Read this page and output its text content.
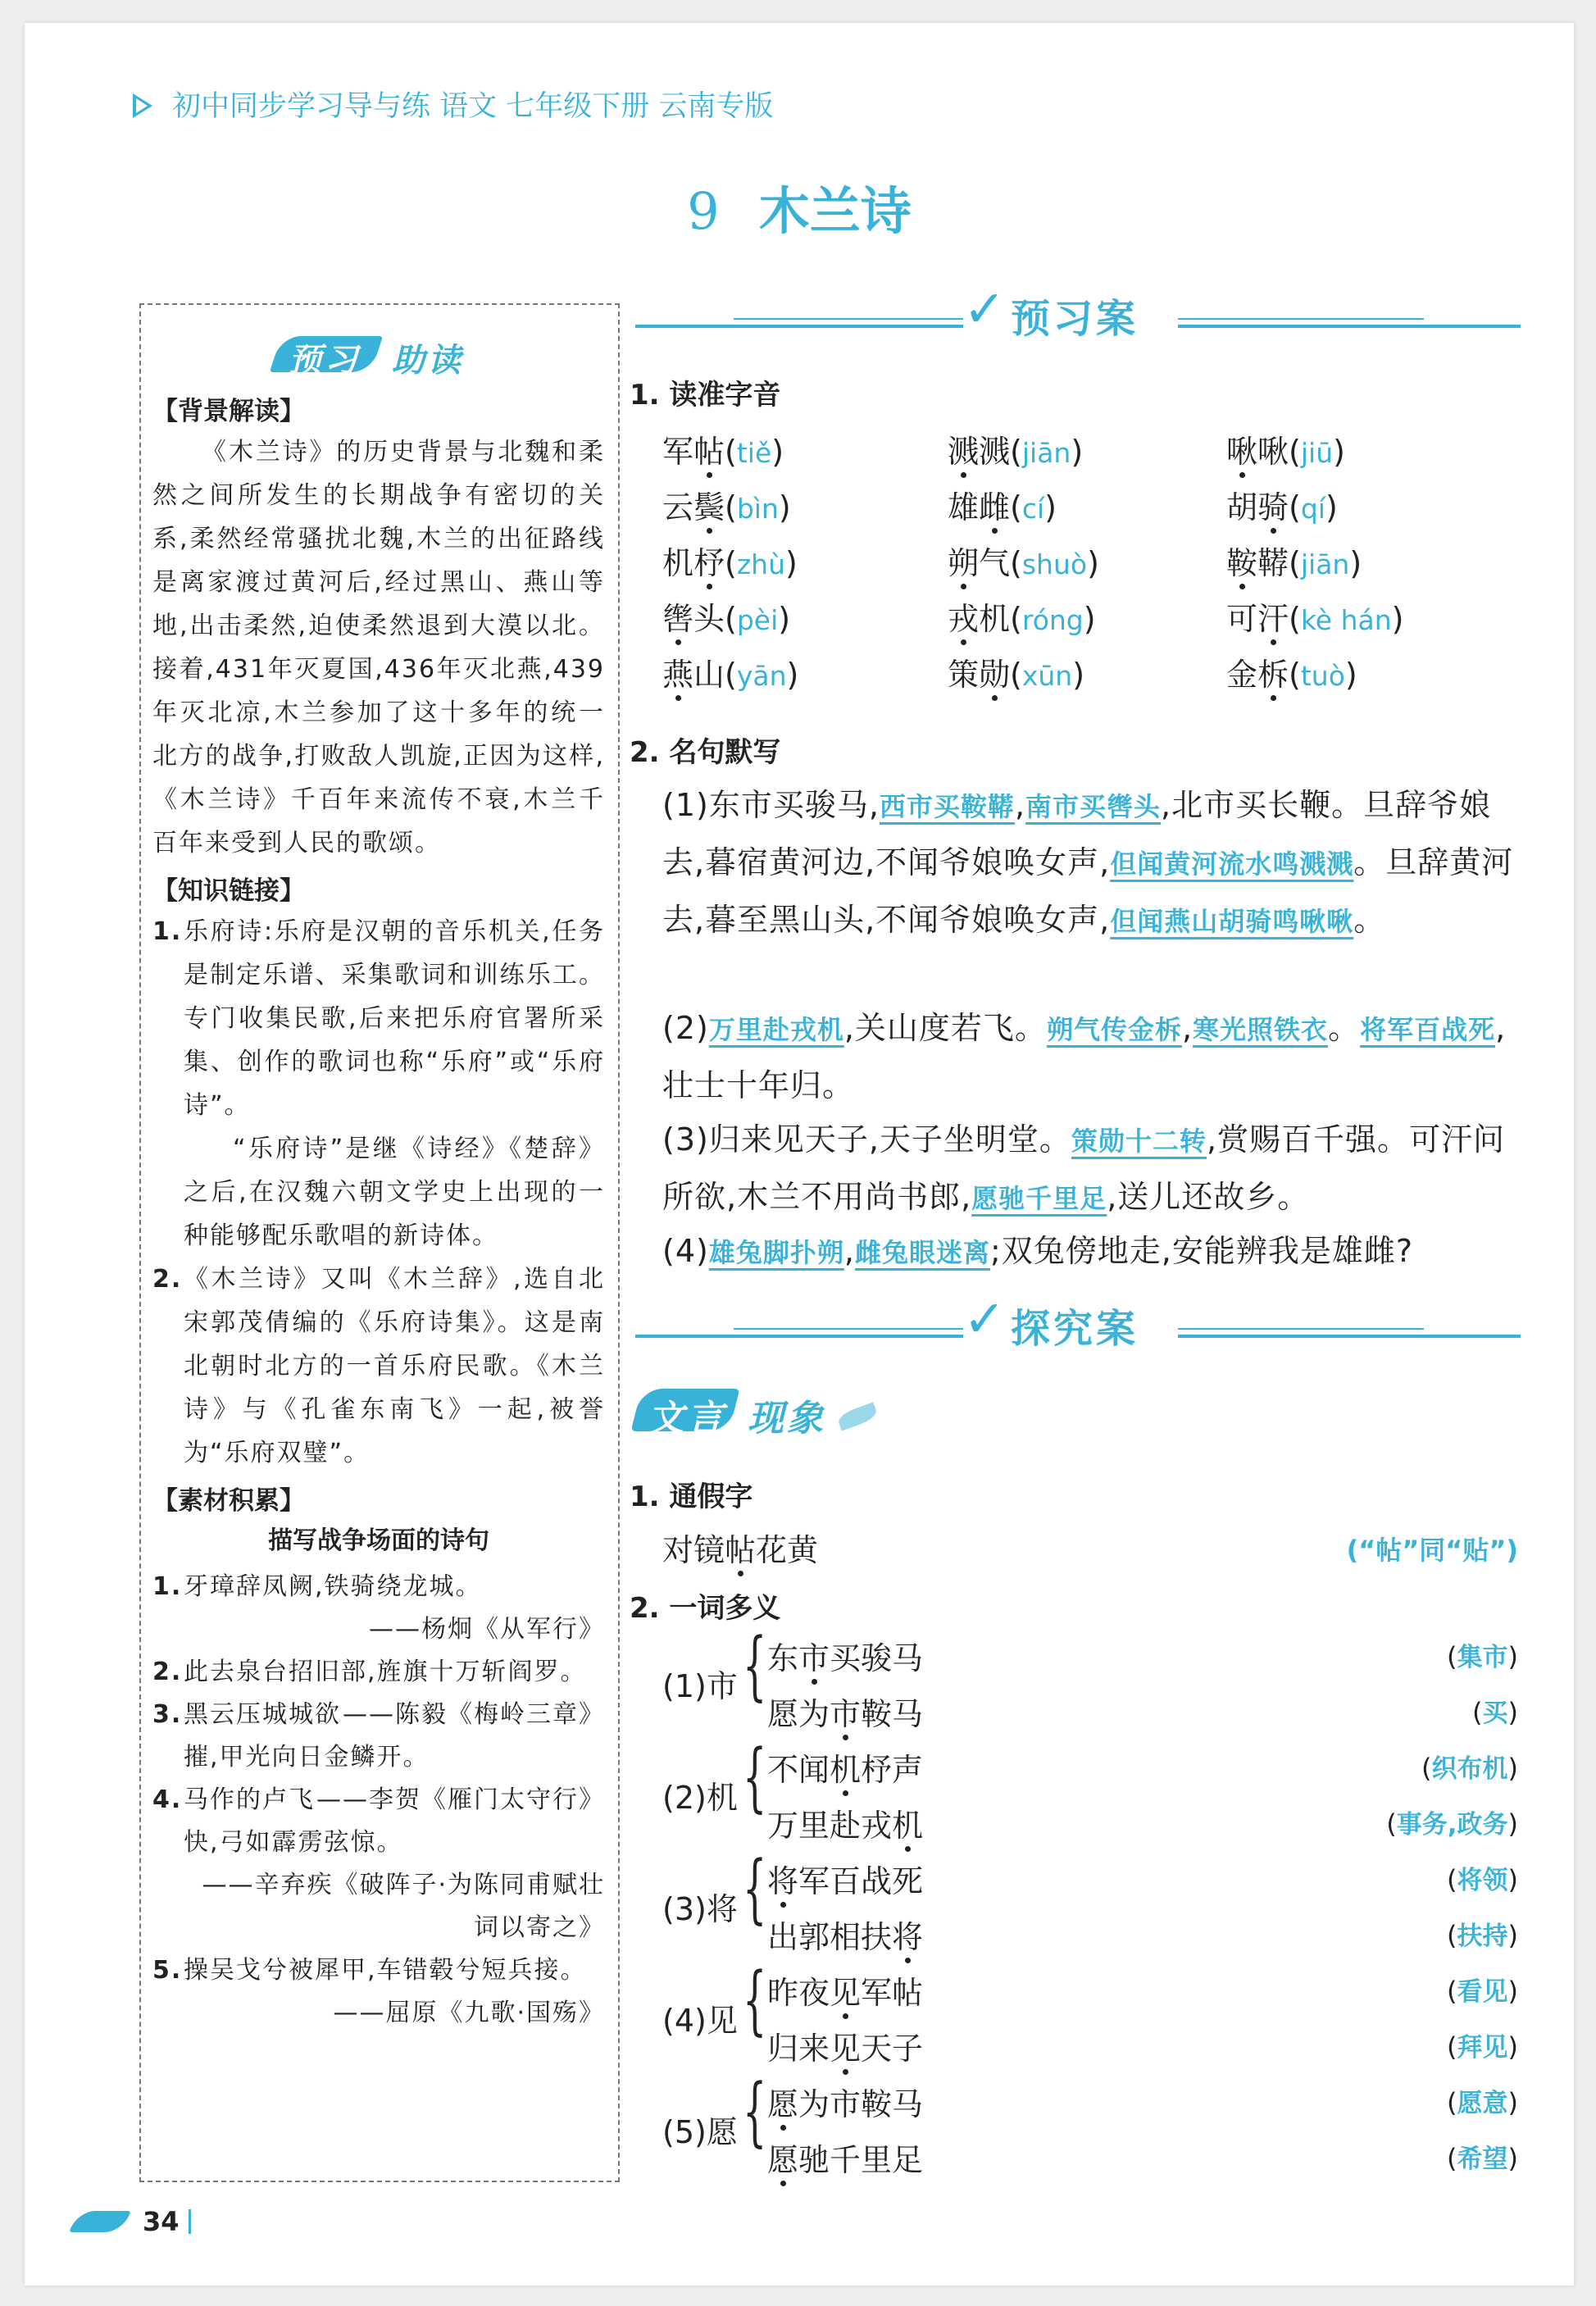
初中同步学习导与练 语文 七年级下册 云南专版
9 木兰诗
预习 助读
【背景解读】
《木兰诗》的历史背景与北魏和柔然之间所发生的长期战争有密切的关系,柔然经常骚扰北魏,木兰的出征路线是离家渡过黄河后,经过黑山、燕山等地,出击柔然,迫使柔然退到大漠以北。接着,431年灭夏国,436年灭北燕,439年灭北凉,木兰参加了这十多年的统一北方的战争,打败敌人凯旋,正因为这样,《木兰诗》千百年来流传不衰,木兰千百年来受到人民的歌颂。
【知识链接】
1. 乐府诗:乐府是汉朝的音乐机关,任务是制定乐谱、采集歌词和训练乐工。专门收集民歌,后来把乐府官署所采集、创作的歌词也称“乐府”或“乐府诗”。
“乐府诗”是继《诗经》《楚辞》之后,在汉魏六朝文学史上出现的一种能够配乐歌唱的新诗体。
2. 《木兰诗》又叫《木兰辞》,选自北宋郭茂倩编的《乐府诗集》。这是南北朝时北方的一首乐府民歌。《木兰诗》与《孔雀东南飞》一起,被誉为“乐府双璧”。
【素材积累】
描写战争场面的诗句
1. 牙璋辞凤阙,铁骑绕龙城。
——杨炯《从军行》
2. 此去泉台招旧部,旌旗十万斩阎罗。
——陈毅《梅岭三章》
3. 黑云压城城欲摧,甲光向日金鳞开。
——李贺《雁门太守行》
4. 马作的卢飞快,弓如霹雳弦惊。
——辛弃疾《破阵子·为陈同甫赋壮词以寄之》
5. 操吴戈兮被犀甲,车错毂兮短兵接。
——屈原《九歌·国殇》
✓ 预习案
1. 读准字音
军帖(tiě)	溅溅(jiān)	啾啾(jiū)
云鬓(bìn)	雄雌(cí)	胡骑(qí)
机杼(zhù)	朔气(shuò)	鞍鞯(jiān)
辔头(pèi)	戎机(róng)	可汗(kè hán)
燕山(yān)	策勋(xūn)	金柝(tuò)
2. 名句默写
(1)东市买骏马,西市买鞍鞯,南市买辔头,北市买长鞭。旦辞爷娘去,暮宿黄河边,不闻爷娘唤女声,但闻黄河流水鸣溅溅。旦辞黄河去,暮至黑山头,不闻爷娘唤女声,但闻燕山胡骑鸣啾啾。
(2)万里赴戎机,关山度若飞。朔气传金柝,寒光照铁衣。将军百战死,壮士十年归。
(3)归来见天子,天子坐明堂。策勋十二转,赏赐百千强。可汗问所欲,木兰不用尚书郎,愿驰千里足,送儿还故乡。
(4)雄兔脚扑朔,雌兔眼迷离;双兔傍地走,安能辨我是雄雌?
✓ 探究案
文言 现象
1. 通假字
对镜帖花黄	(“帖”同“贴”)
2. 一词多义
(1)市 { 东市买骏马	(集市)
愿为市鞍马	(买)
(2)机 { 不闻机杼声	(织布机)
万里赴戎机	(事务,政务)
(3)将 { 将军百战死	(将领)
出郭相扶将	(扶持)
(4)见 { 昨夜见军帖	(看见)
归来见天子	(拜见)
(5)愿 { 愿为市鞍马	(愿意)
愿驰千里足	(希望)
34
